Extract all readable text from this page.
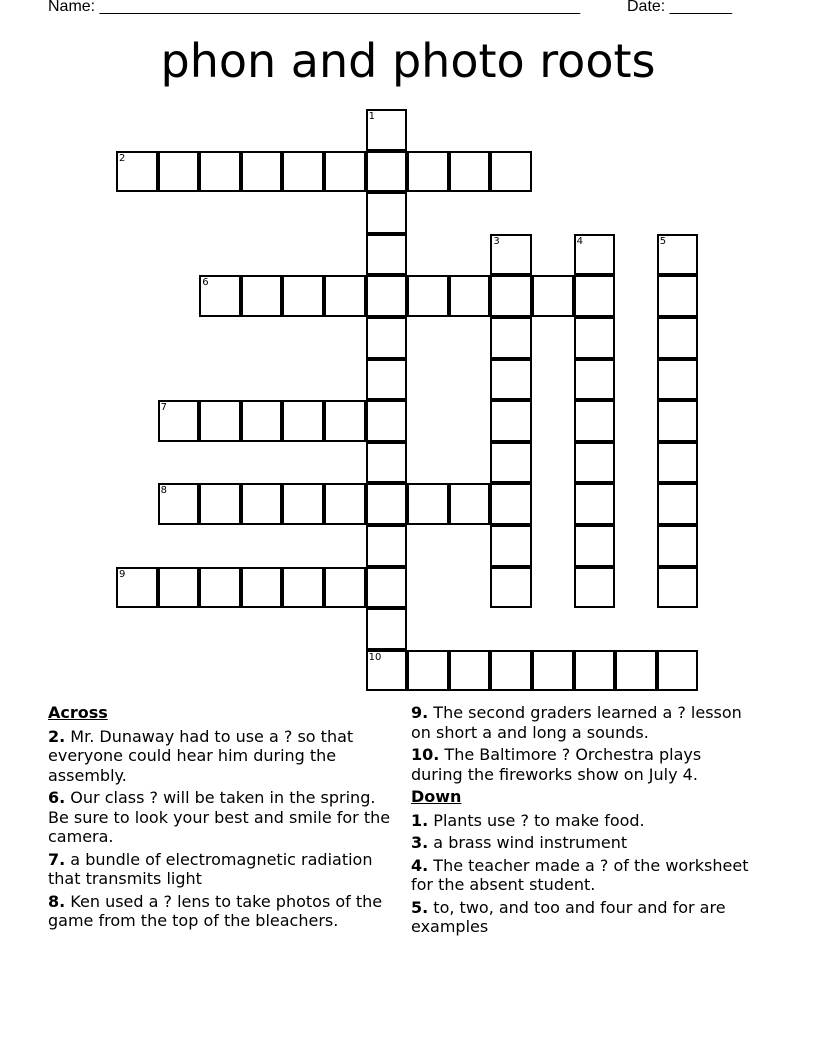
Name: ______________________________________________________	Date: _______
phon and photo roots
1
10
2
3	4	5
6
7
8
9
Across
2. Mr. Dunaway had to use a ? so that everyone could hear him during the assembly.
6. Our class ? will be taken in the spring. Be sure to look your best and smile for the camera.
7. a bundle of electromagnetic radiation that transmits light
8. Ken used a ? lens to take photos of the game from the top of the bleachers.
9. The second graders learned a ? lesson on short a and long a sounds.
10. The Baltimore ? Orchestra plays during the fireworks show on July 4.
Down
1. Plants use ? to make food.
3. a brass wind instrument
4. The teacher made a ? of the worksheet for the absent student.
5. to, two, and too and four and for are examples
